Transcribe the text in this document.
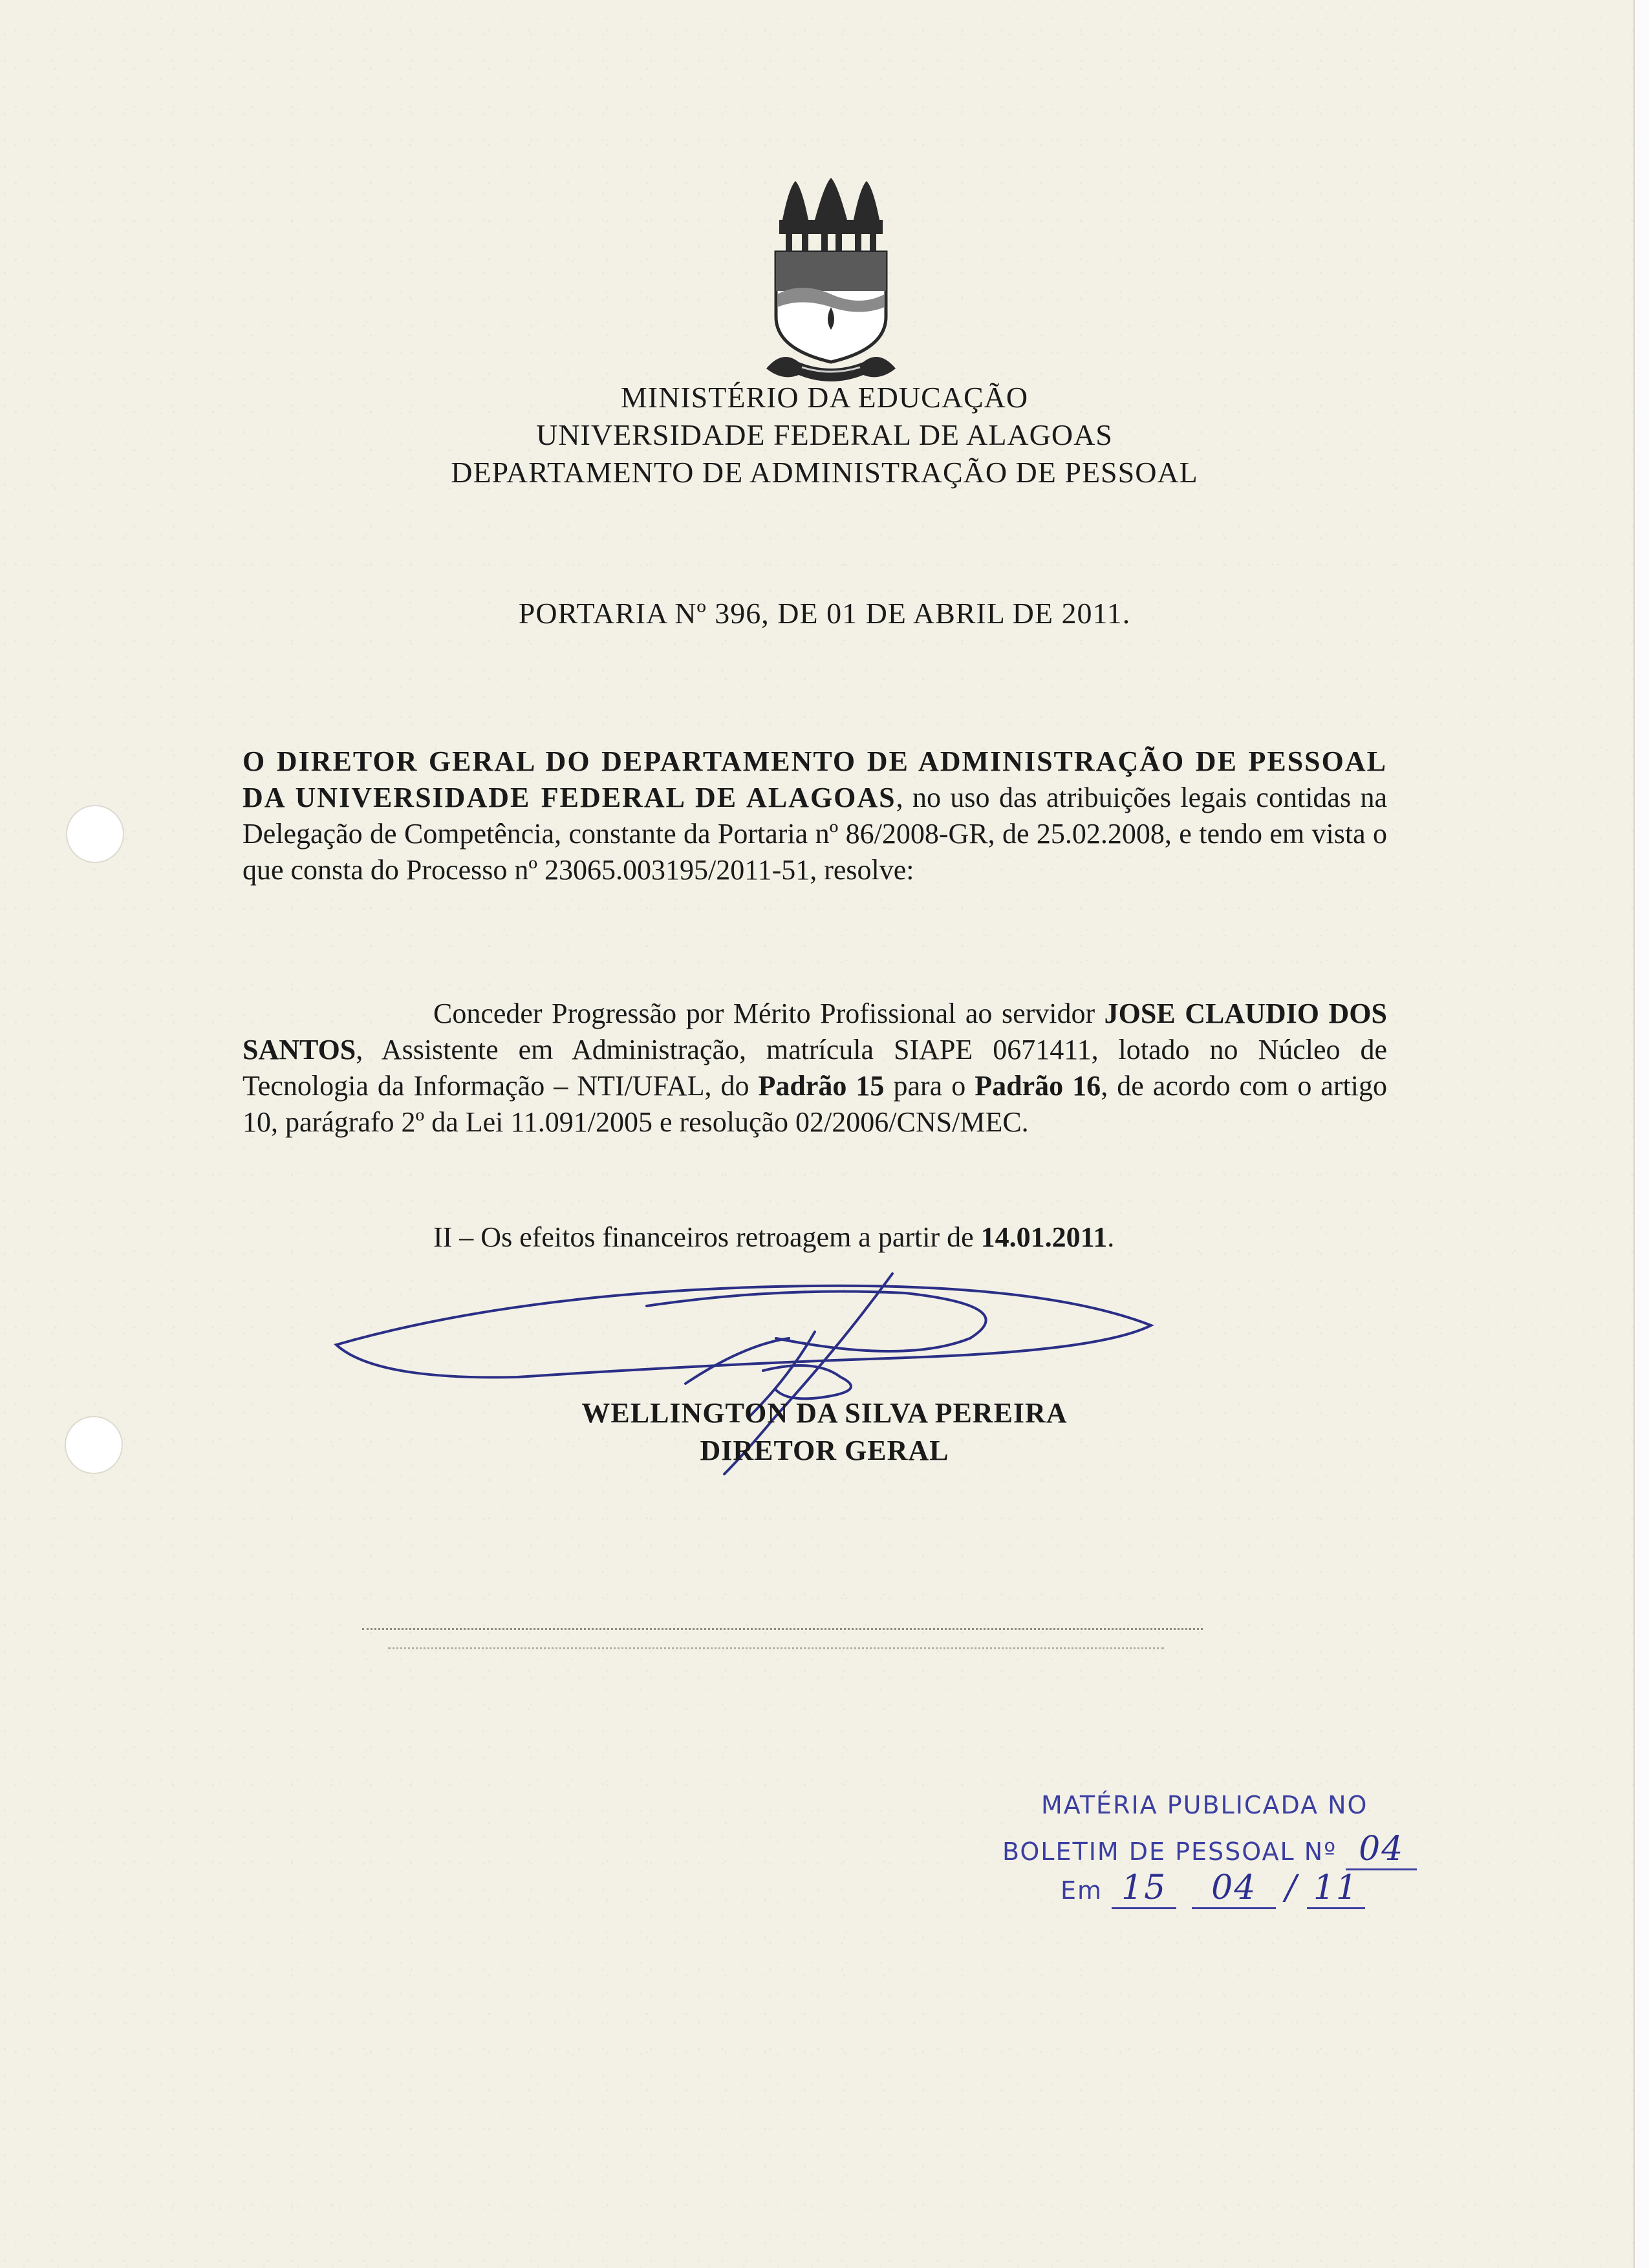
MINISTÉRIO DA EDUCAÇÃO
UNIVERSIDADE FEDERAL DE ALAGOAS
DEPARTAMENTO DE ADMINISTRAÇÃO DE PESSOAL
PORTARIA Nº 396, DE 01 DE ABRIL DE 2011.
O DIRETOR GERAL DO DEPARTAMENTO DE ADMINISTRAÇÃO DE PESSOAL DA UNIVERSIDADE FEDERAL DE ALAGOAS, no uso das atribuições legais contidas na Delegação de Competência, constante da Portaria nº 86/2008-GR, de 25.02.2008, e tendo em vista o que consta do Processo nº 23065.003195/2011-51, resolve:
Conceder Progressão por Mérito Profissional ao servidor JOSE CLAUDIO DOS SANTOS, Assistente em Administração, matrícula SIAPE 0671411, lotado no Núcleo de Tecnologia da Informação – NTI/UFAL, do Padrão 15 para o Padrão 16, de acordo com o artigo 10, parágrafo 2º da Lei 11.091/2005 e resolução 02/2006/CNS/MEC.
II – Os efeitos financeiros retroagem a partir de 14.01.2011.
WELLINGTON DA SILVA PEREIRA
DIRETOR GERAL
MATÉRIA PUBLICADA NO
BOLETIM DE PESSOAL Nº 04
Em 15 04 / 11
